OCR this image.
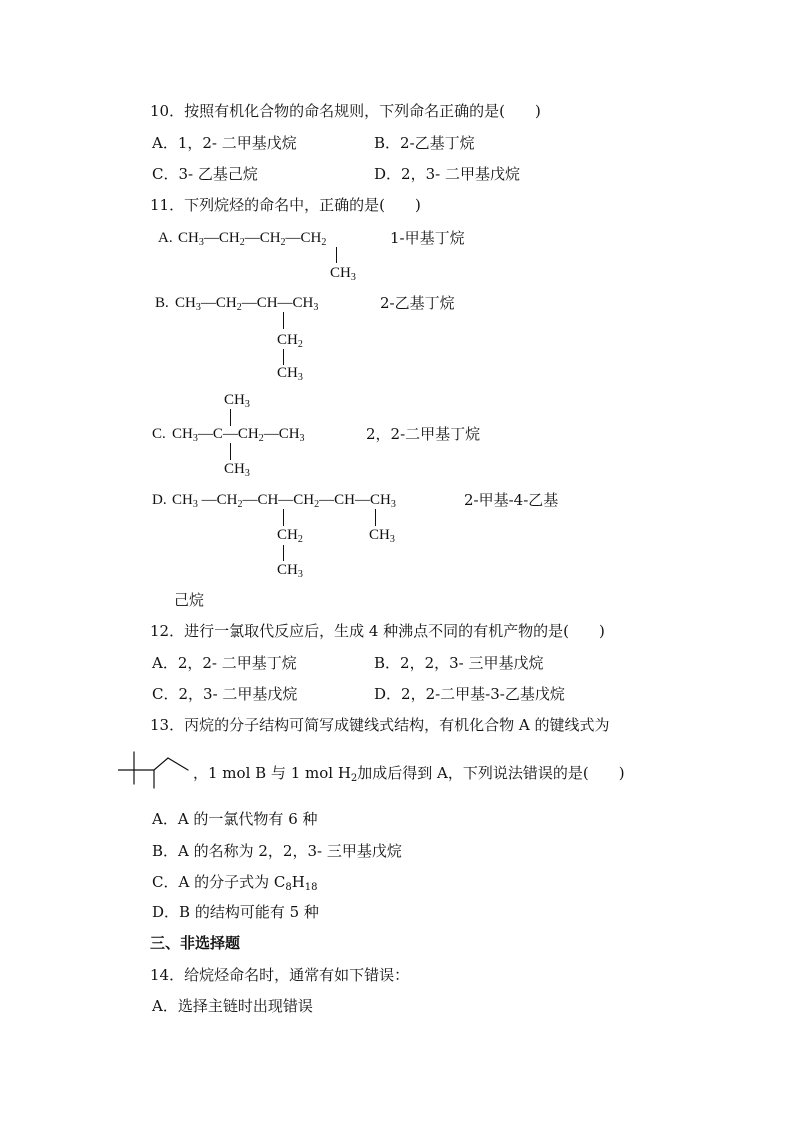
10．按照有机化合物的命名规则，下列命名正确的是(　　)
A．1，2- 二甲基戊烷	B．2-乙基丁烷
C．3- 乙基己烷	D．2，3- 二甲基戊烷
11．下列烷烃的命名中，正确的是(　　)
A. $CH_3—CH_2—CH_2—CH_2$
$CH_3$
1-甲基丁烷
B. $CH_3—CH_2—CH—CH_3$
$CH_2$
$CH_3$
2-乙基丁烷
$CH_3$
C. $CH_3—C—CH_2—CH_3$
$CH_3$
2，2-二甲基丁烷
D. $CH_3$ $—CH_2—CH—CH_2—CH—CH_3$
$CH_2$
$CH_3$
$CH_3$
2-甲基-4-乙基
己烷
12．进行一氯取代反应后，生成 4 种沸点不同的有机产物的是(　　)
A．2，2- 二甲基丁烷	B．2，2，3- 三甲基戊烷
C．2，3- 二甲基戊烷	D．2，2-二甲基-3-乙基戊烷
13．丙烷的分子结构可简写成键线式结构，有机化合物 A 的键线式为
，1 mol B 与 1 mol $H_2$加成后得到 A，下列说法错误的是(　　)
A．A 的一氯代物有 6 种
B．A 的名称为 2，2，3- 三甲基戊烷
C．A 的分子式为 $C_8H_{18}$
D．B 的结构可能有 5 种
三、非选择题
14．给烷烃命名时，通常有如下错误：
A．选择主链时出现错误
